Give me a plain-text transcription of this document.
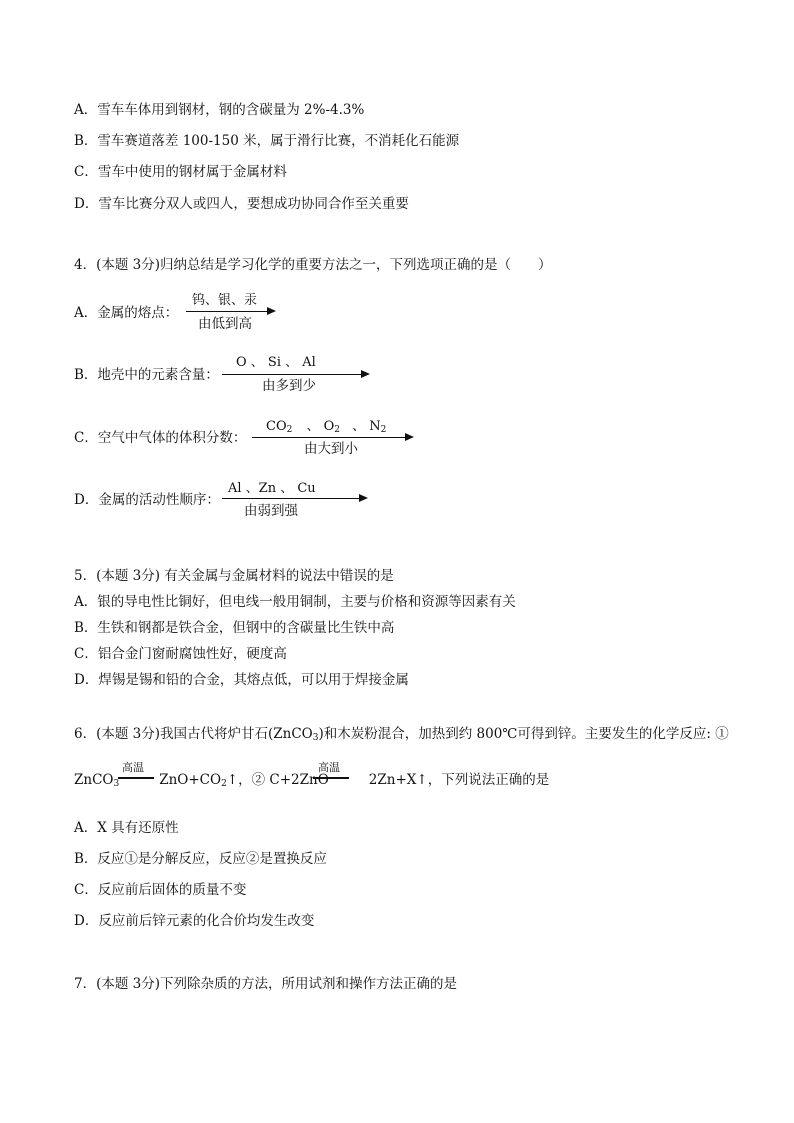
A．雪车车体用到钢材，钢的含碳量为 2%-4.3%
B．雪车赛道落差 100-150 米，属于滑行比赛，不消耗化石能源
C．雪车中使用的钢材属于金属材料
D．雪车比赛分双人或四人，要想成功协同合作至关重要
4．(本题 3分)归纳总结是学习化学的重要方法之一，下列选项正确的是（　　）
A．金属的熔点：
钨、银、汞
由低到高
B．地壳中的元素含量：
O 、 Si 、 Al
由多到少
C．空气中气体的体积分数：
$CO_2$ 、 $O_2$ 、 $N_2$
由大到小
D．金属的活动性顺序：
Al 、Zn 、 Cu
由弱到强
5．(本题 3分) 有关金属与金属材料的说法中错误的是
A．银的导电性比铜好，但电线一般用铜制，主要与价格和资源等因素有关
B．生铁和钢都是铁合金，但钢中的含碳量比生铁中高
C．铝合金门窗耐腐蚀性好，硬度高
D．焊锡是锡和铅的合金，其熔点低，可以用于焊接金属
6．(本题 3分)我国古代将炉甘石(ZnCO$_3$)和木炭粉混合，加热到约 800℃可得到锌。主要发生的化学反应: ①
ZnCO$_3$	$ZnO+CO_2↑$，② C+2ZnO	2Zn+X↑，下列说法正确的是
高温	高温
A．X 具有还原性
B．反应①是分解反应，反应②是置换反应
C．反应前后固体的质量不变
D．反应前后锌元素的化合价均发生改变
7．(本题 3分)下列除杂质的方法，所用试剂和操作方法正确的是
